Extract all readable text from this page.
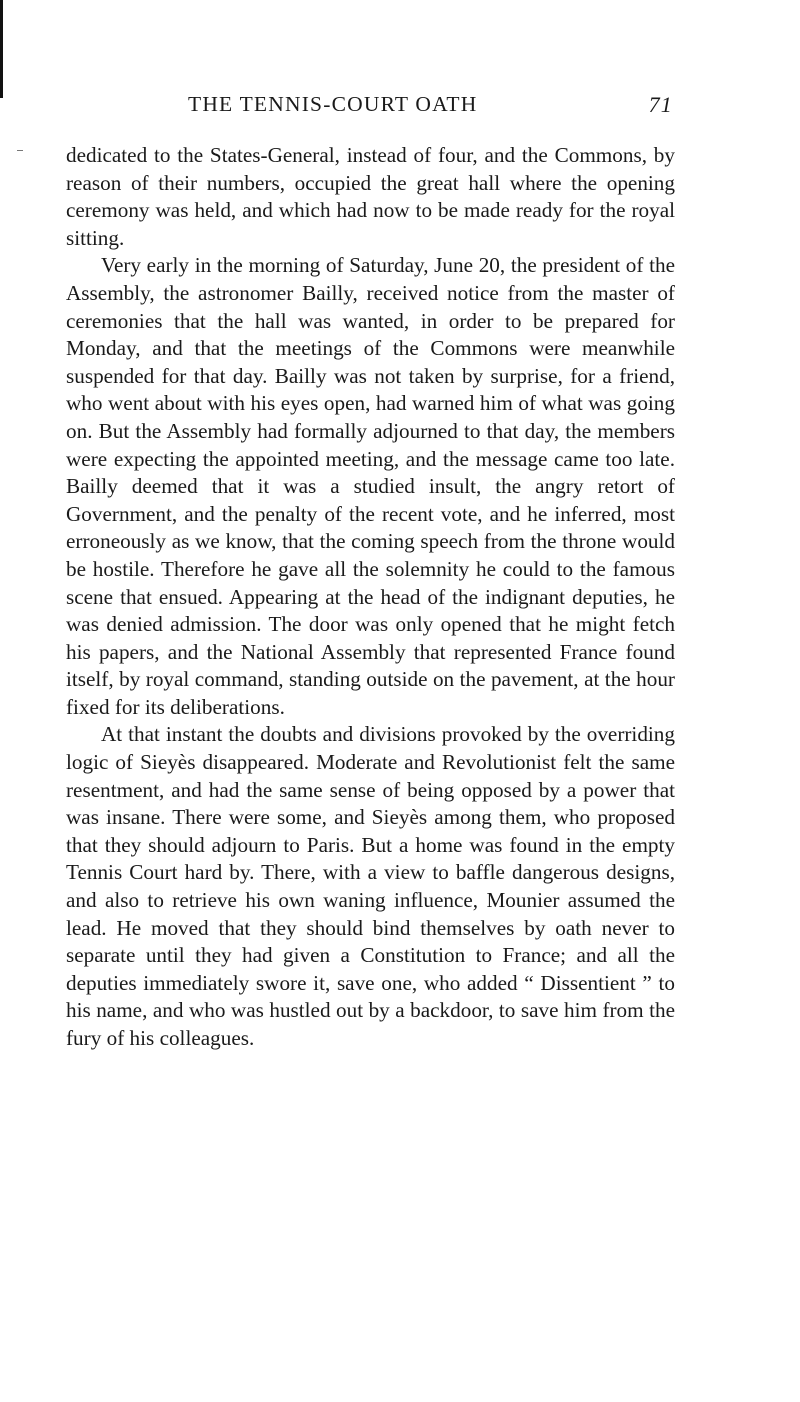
THE TENNIS-COURT OATH	71

dedicated to the States-General, instead of four, and the Commons, by reason of their numbers, occupied the great hall where the opening ceremony was held, and which had now to be made ready for the royal sitting.

Very early in the morning of Saturday, June 20, the president of the Assembly, the astronomer Bailly, received notice from the master of ceremonies that the hall was wanted, in order to be prepared for Monday, and that the meetings of the Commons were meanwhile suspended for that day. Bailly was not taken by surprise, for a friend, who went about with his eyes open, had warned him of what was going on. But the Assembly had formally adjourned to that day, the members were expecting the appointed meeting, and the message came too late. Bailly deemed that it was a studied insult, the angry retort of Government, and the penalty of the recent vote, and he inferred, most erroneously as we know, that the coming speech from the throne would be hostile. Therefore he gave all the solemnity he could to the famous scene that ensued. Appearing at the head of the indignant deputies, he was denied admission. The door was only opened that he might fetch his papers, and the National Assembly that represented France found itself, by royal command, standing outside on the pavement, at the hour fixed for its deliberations.

At that instant the doubts and divisions provoked by the overriding logic of Sieyès disappeared. Moderate and Revolutionist felt the same resentment, and had the same sense of being opposed by a power that was insane. There were some, and Sieyès among them, who proposed that they should adjourn to Paris. But a home was found in the empty Tennis Court hard by. There, with a view to baffle dangerous designs, and also to retrieve his own waning influence, Mounier assumed the lead. He moved that they should bind themselves by oath never to separate until they had given a Constitution to France; and all the deputies immediately swore it, save one, who added “ Dissentient ” to his name, and who was hustled out by a backdoor, to save him from the fury of his colleagues.
